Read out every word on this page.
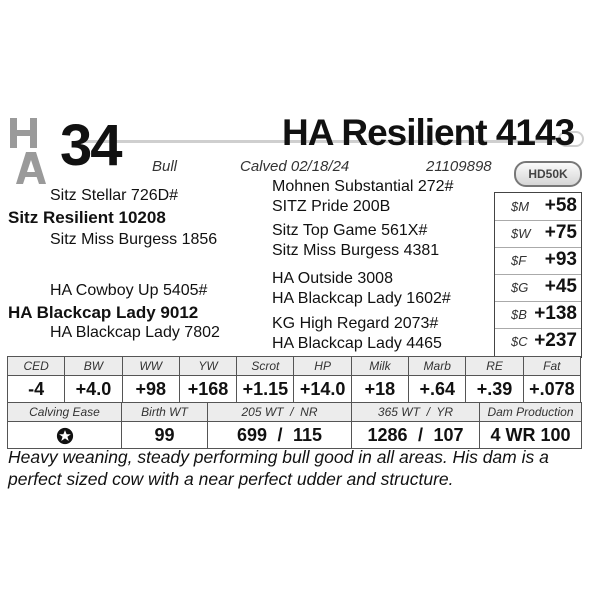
34	HA Resilient 4143
Bull	Calved 02/18/24	21109898	HD50K
Sitz Stellar 726D#
Sitz Resilient 10208
Sitz Miss Burgess 1856
HA Cowboy Up 5405#
HA Blackcap Lady 9012
HA Blackcap Lady 7802
Mohnen Substantial 272#
SITZ Pride 200B
Sitz Top Game 561X#
Sitz Miss Burgess 4381
HA Outside 3008
HA Blackcap Lady 1602#
KG High Regard 2073#
HA Blackcap Lady 4465
$M +58
$W +75
$F +93
$G +45
$B +138
$C +237
CED	BW	WW	YW	Scrot	HP	Milk	Marb	RE	Fat
-4	+4.0	+98	+168	+1.15	+14.0	+18	+.64	+.39	+.078
Calving Ease	Birth WT	205 WT  /  NR	365 WT  /  YR	Dam Production
	99	699 / 115	1286 / 107	4 WR 100
Heavy weaning, steady performing bull good in all areas. His dam is a perfect sized cow with a near perfect udder and structure.
